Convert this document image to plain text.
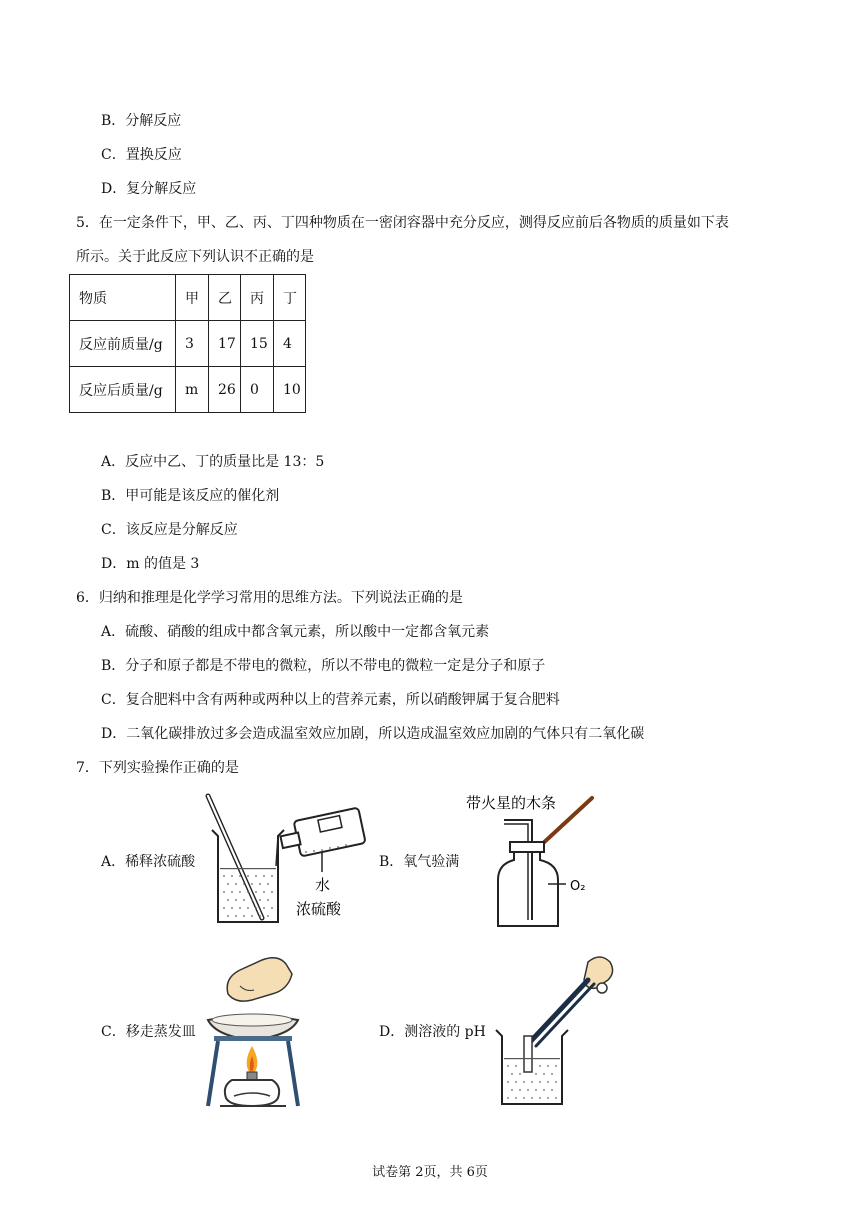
B．分解反应
C．置换反应
D．复分解反应
5．在一定条件下，甲、乙、丙、丁四种物质在一密闭容器中充分反应，测得反应前后各物质的质量如下表
所示。关于此反应下列认识不正确的是
物质	甲	乙	丙	丁
反应前质量/g	3	17	15	4
反应后质量/g	m	26	0	10
A．反应中乙、丁的质量比是 13：5
B．甲可能是该反应的催化剂
C．该反应是分解反应
D．m 的值是 3
6．归纳和推理是化学学习常用的思维方法。下列说法正确的是
A．硫酸、硝酸的组成中都含氧元素，所以酸中一定都含氧元素
B．分子和原子都是不带电的微粒，所以不带电的微粒一定是分子和原子
C．复合肥料中含有两种或两种以上的营养元素，所以硝酸钾属于复合肥料
D．二氧化碳排放过多会造成温室效应加剧，所以造成温室效应加剧的气体只有二氧化碳
7．下列实验操作正确的是
A．稀释浓硫酸	B．氧气验满
C．移走蒸发皿	D．测溶液的 pH
水
浓硫酸
带火星的木条
O₂
试卷第 2页，共 6页
